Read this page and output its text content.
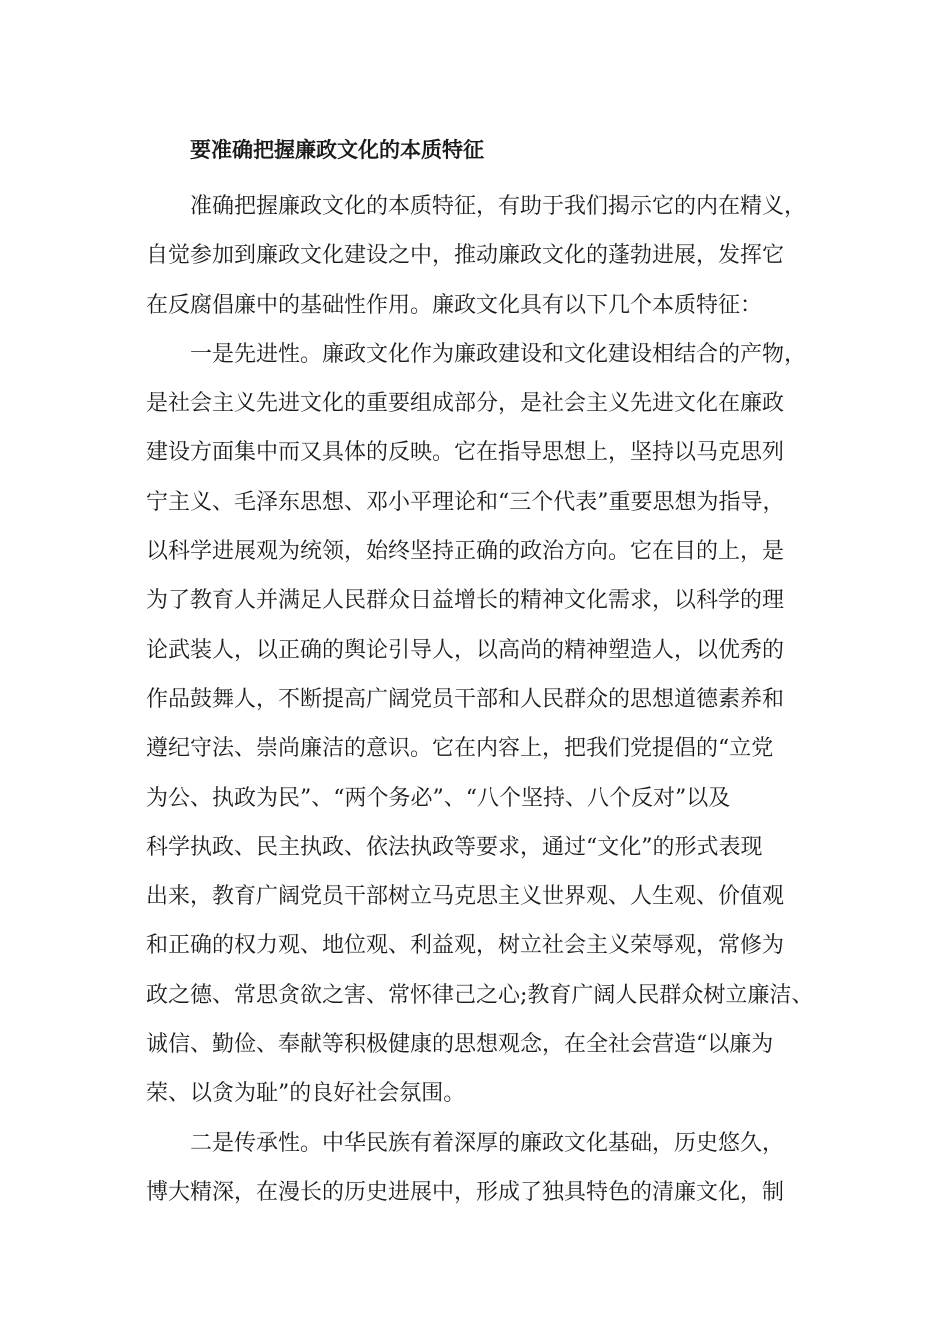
要准确把握廉政文化的本质特征
准确把握廉政文化的本质特征，有助于我们揭示它的内在精义，
自觉参加到廉政文化建设之中，推动廉政文化的蓬勃进展，发挥它
在反腐倡廉中的基础性作用。廉政文化具有以下几个本质特征：
一是先进性。廉政文化作为廉政建设和文化建设相结合的产物，
是社会主义先进文化的重要组成部分，是社会主义先进文化在廉政
建设方面集中而又具体的反映。它在指导思想上，坚持以马克思列
宁主义、毛泽东思想、邓小平理论和“三个代表”重要思想为指导，
以科学进展观为统领，始终坚持正确的政治方向。它在目的上，是
为了教育人并满足人民群众日益增长的精神文化需求，以科学的理
论武装人，以正确的舆论引导人，以高尚的精神塑造人，以优秀的
作品鼓舞人，不断提高广阔党员干部和人民群众的思想道德素养和
遵纪守法、崇尚廉洁的意识。它在内容上，把我们党提倡的“立党
为公、执政为民”、“两个务必”、“八个坚持、八个反对”以及
科学执政、民主执政、依法执政等要求，通过“文化”的形式表现
出来，教育广阔党员干部树立马克思主义世界观、人生观、价值观
和正确的权力观、地位观、利益观，树立社会主义荣辱观，常修为
政之德、常思贪欲之害、常怀律己之心;教育广阔人民群众树立廉洁、
诚信、勤俭、奉献等积极健康的思想观念，在全社会营造“以廉为
荣、以贪为耻”的良好社会氛围。
二是传承性。中华民族有着深厚的廉政文化基础，历史悠久，
博大精深，在漫长的历史进展中，形成了独具特色的清廉文化，制
